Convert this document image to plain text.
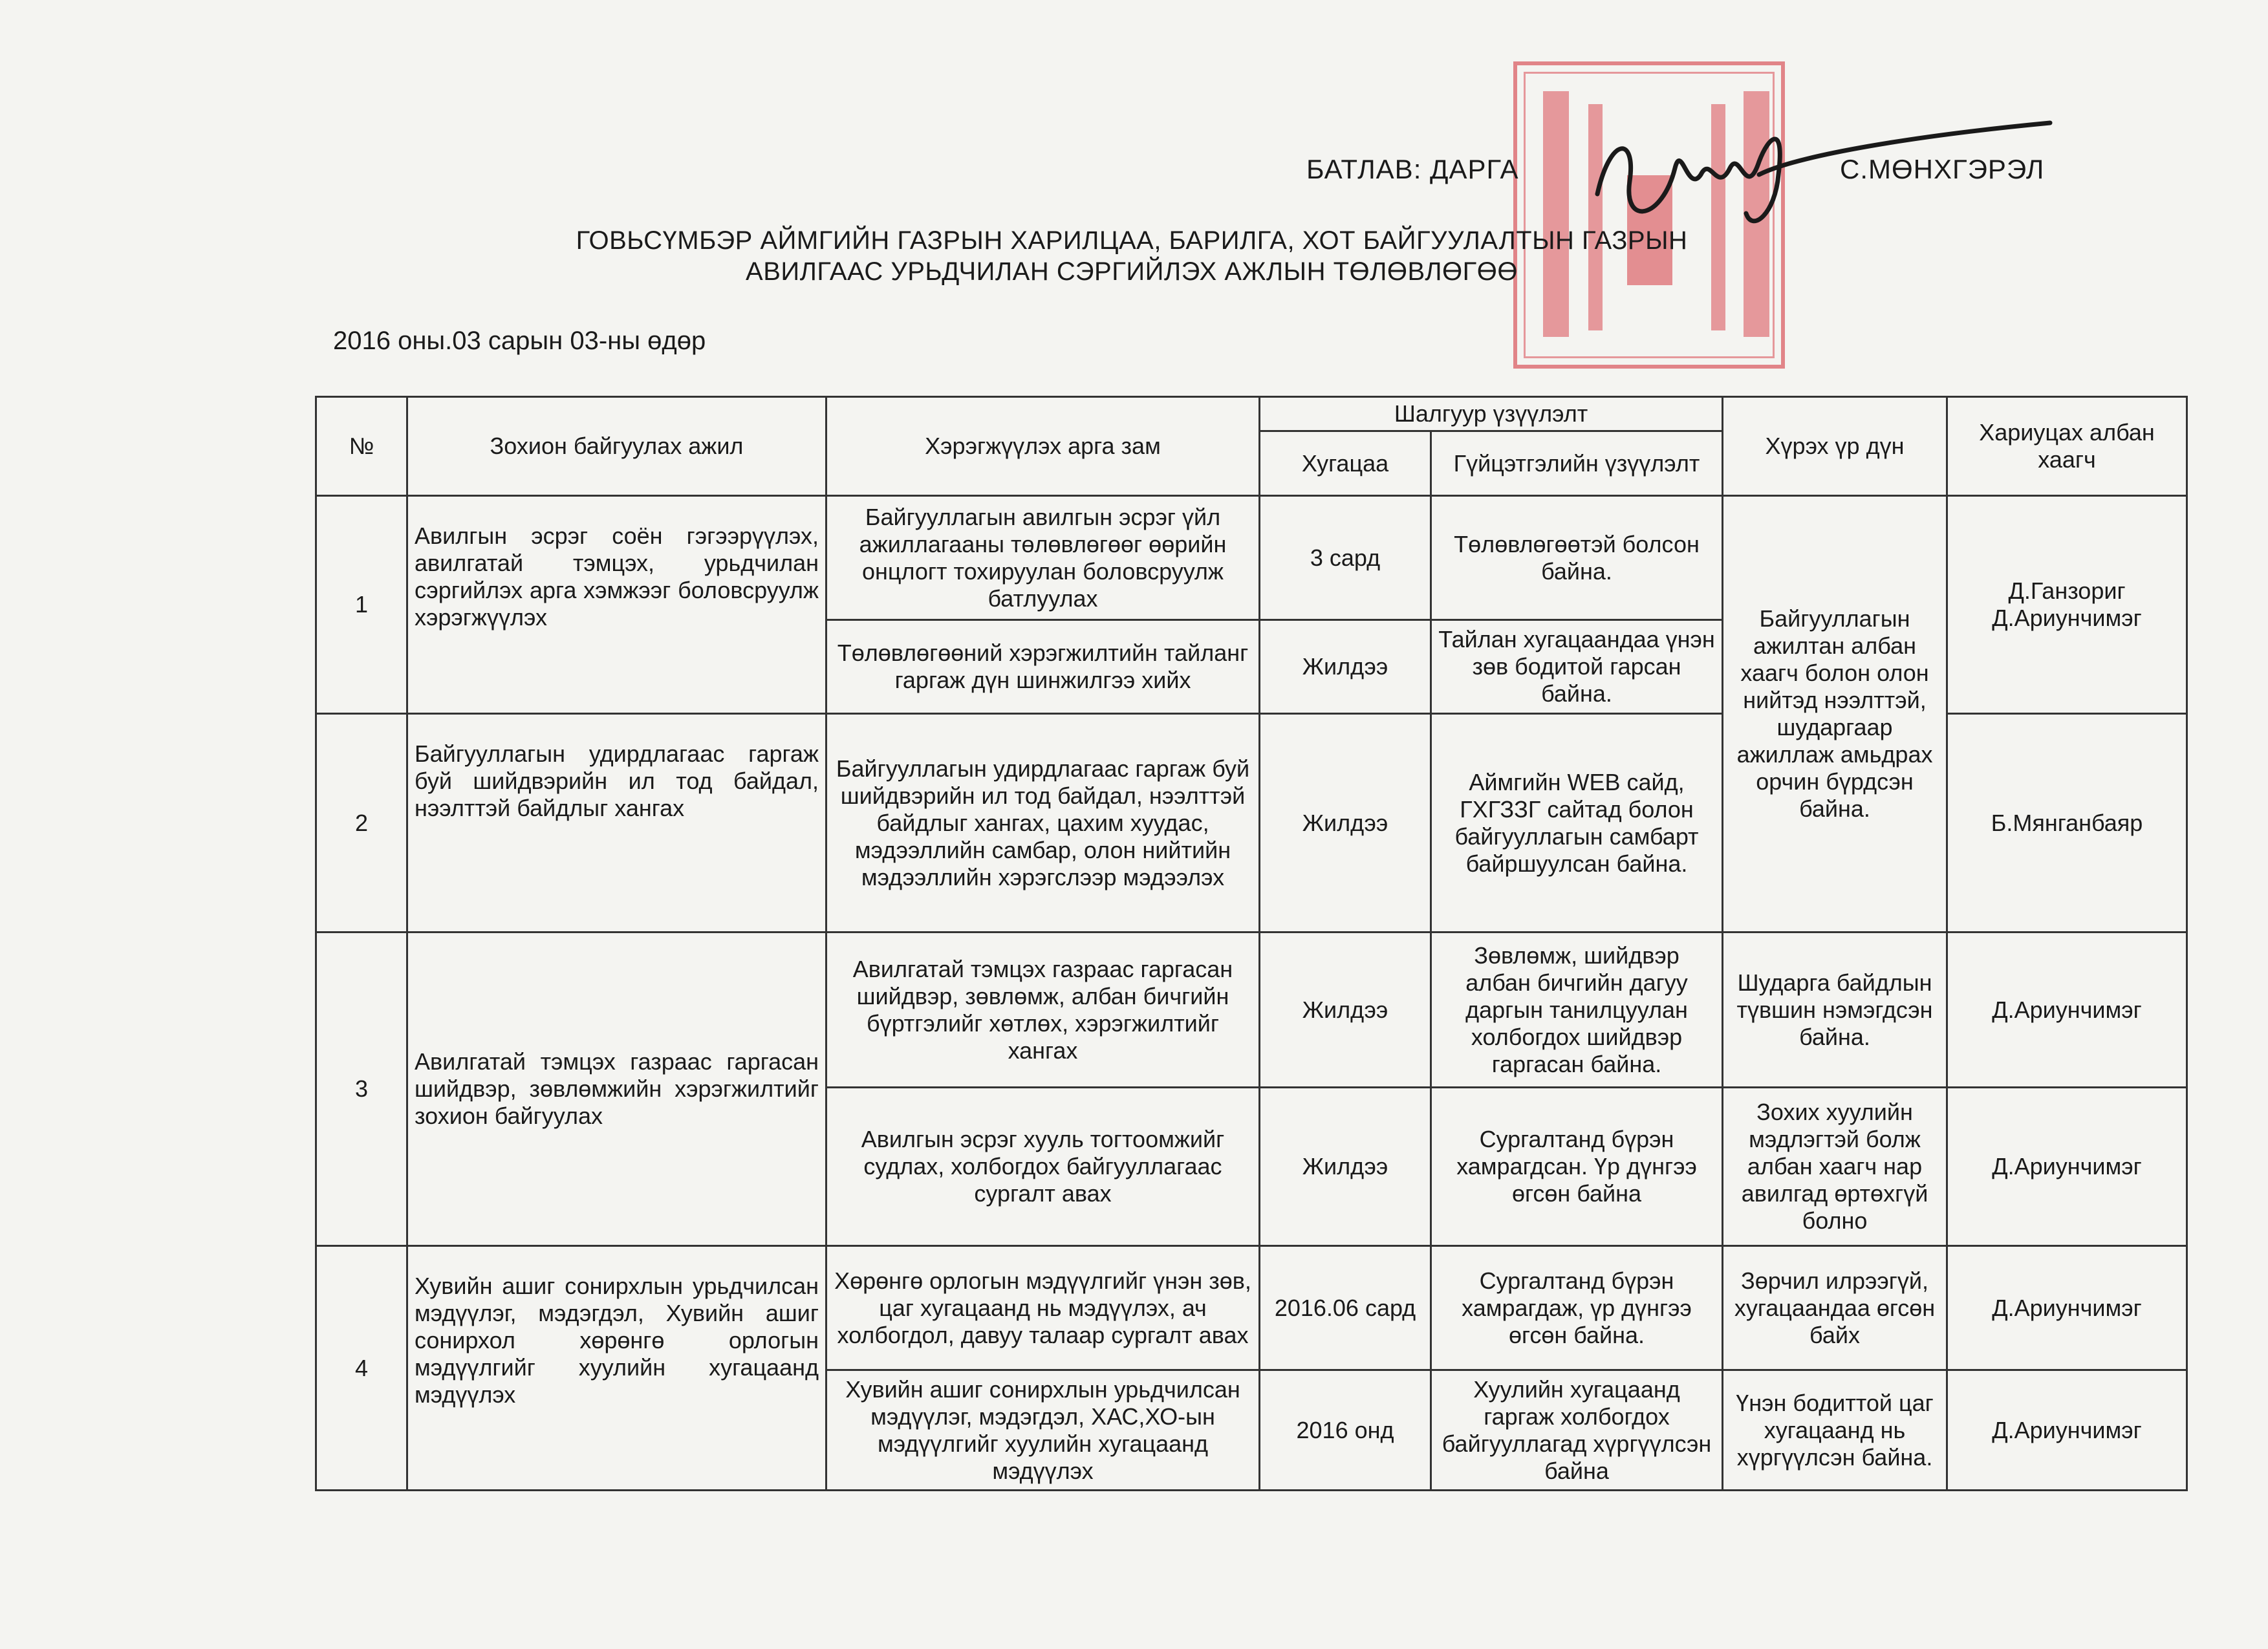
БАТЛАВ: ДАРГА	С.МӨНХГЭРЭЛ
ГОВЬСҮМБЭР АЙМГИЙН ГАЗРЫН ХАРИЛЦАА, БАРИЛГА, ХОТ БАЙГУУЛАЛТЫН ГАЗРЫН
АВИЛГААС УРЬДЧИЛАН СЭРГИЙЛЭХ АЖЛЫН ТӨЛӨВЛӨГӨӨ
2016 оны.03 сарын 03-ны өдөр
№	Зохион байгуулах ажил	Хэрэгжүүлэх арга зам	Шалгуур үзүүлэлт		Хүрэх үр дүн	Хариуцах албан хаагч
			Хугацаа	Гүйцэтгэлийн үзүүлэлт		
1	Авилгын эсрэг соён гэгээрүүлэх, авилгатай тэмцэх, урьдчилан сэргийлэх арга хэмжээг боловсруулж хэрэгжүүлэх	Байгууллагын авилгын эсрэг үйл ажиллагааны төлөвлөгөөг өөрийн онцлогт тохируулан боловсруулж батлуулах	3 сард	Төлөвлөгөөтэй болсон байна.	Байгууллагын ажилтан албан хаагч болон олон нийтэд нээлттэй, шударгаар ажиллаж амьдрах орчин бүрдсэн байна.	Д.Ганзориг Д.Ариунчимэг
		Төлөвлөгөөний хэрэгжилтийн тайланг гаргаж дүн шинжилгээ хийх	Жилдээ	Тайлан хугацаандаа үнэн зөв бодитой гарсан байна.		
2	Байгууллагын удирдлагаас гаргаж буй шийдвэрийн ил тод байдал, нээлттэй байдлыг хангах	Байгууллагын удирдлагаас гаргаж буй шийдвэрийн ил тод байдал, нээлттэй байдлыг хангах, цахим хуудас, мэдээллийн самбар, олон нийтийн мэдээллийн хэрэгслээр мэдээлэх	Жилдээ	Аймгийн WEB сайд, ГХГЗЗГ сайтад болон байгууллагын самбарт байршуулсан байна.		Б.Мянганбаяр
3	Авилгатай тэмцэх газраас гаргасан шийдвэр, зөвлөмжийн хэрэгжилтийг зохион байгуулах	Авилгатай тэмцэх газраас гаргасан шийдвэр, зөвлөмж, албан бичгийн бүртгэлийг хөтлөх, хэрэгжилтийг хангах	Жилдээ	Зөвлөмж, шийдвэр албан бичгийн дагуу даргын танилцуулан холбогдох шийдвэр гаргасан байна.	Шударга байдлын түвшин нэмэгдсэн байна.	Д.Ариунчимэг
		Авилгын эсрэг хууль тогтоомжийг судлах, холбогдох байгууллагаас сургалт авах	Жилдээ	Сургалтанд бүрэн хамрагдсан. Үр дүнгээ өгсөн байна	Зохих хуулийн мэдлэгтэй болж албан хаагч нар авилгад өртөхгүй болно	Д.Ариунчимэг
4	Хувийн ашиг сонирхлын урьдчилсан мэдүүлэг, мэдэгдэл, Хувийн ашиг сонирхол хөрөнгө орлогын мэдүүлгийг хуулийн хугацаанд мэдүүлэх	Хөрөнгө орлогын мэдүүлгийг үнэн зөв, цаг хугацаанд нь мэдүүлэх, ач холбогдол, давуу талаар сургалт авах	2016.06 сард	Сургалтанд бүрэн хамрагдаж, үр дүнгээ өгсөн байна.	Зөрчил илрээгүй, хугацаандаа өгсөн байх	Д.Ариунчимэг
		Хувийн ашиг сонирхлын урьдчилсан мэдүүлэг, мэдэгдэл, ХАС,ХО-ын мэдүүлгийг хуулийн хугацаанд мэдүүлэх	2016 онд	Хуулийн хугацаанд гаргаж холбогдох байгууллагад хүргүүлсэн байна	Үнэн бодиттой цаг хугацаанд нь хүргүүлсэн байна.	Д.Ариунчимэг
